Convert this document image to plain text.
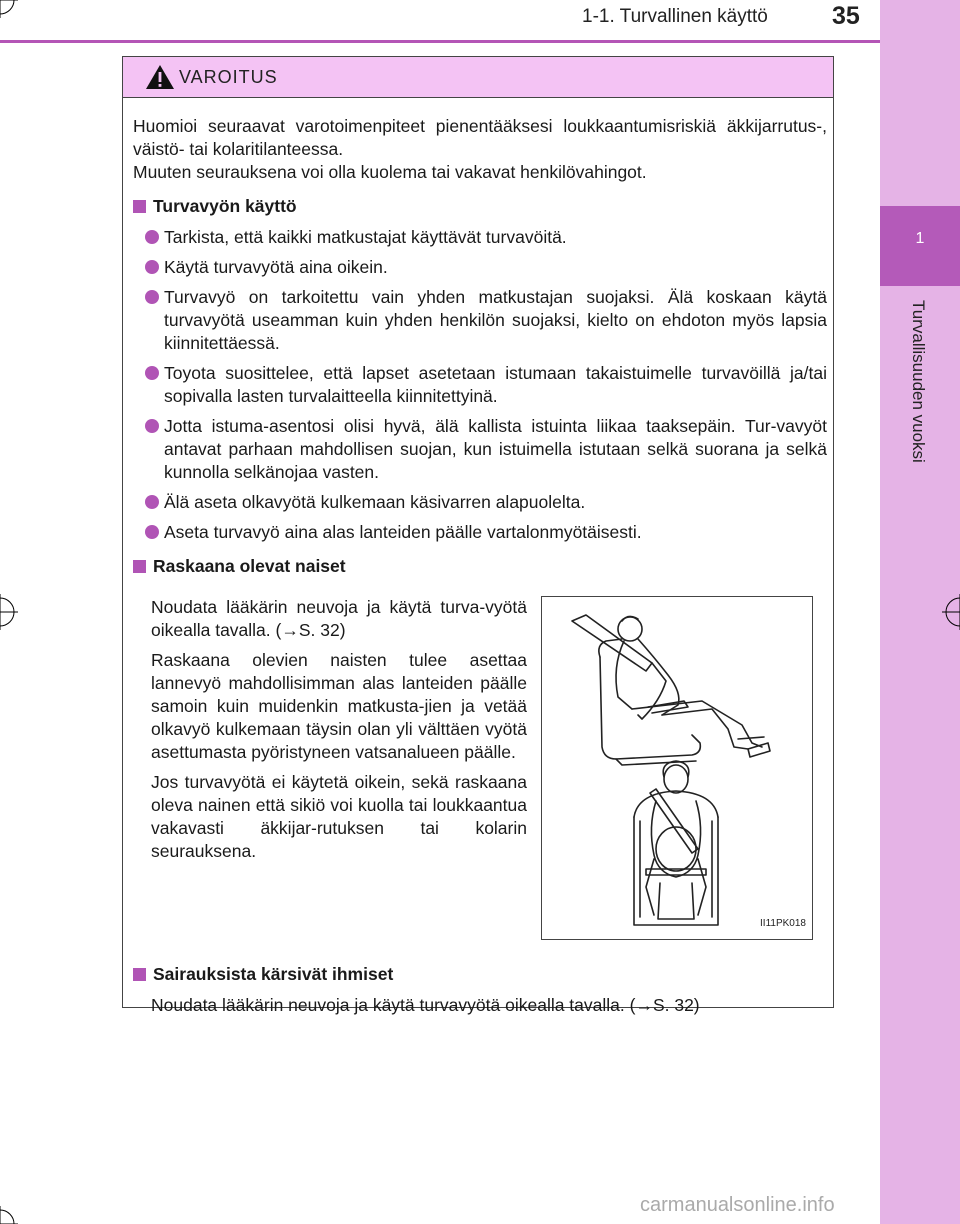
1-1. Turvallinen käyttö	35
1
Turvallisuuden vuoksi
VAROITUS

Huomioi seuraavat varotoimenpiteet pienentääksesi loukkaantumisriskiä äkkijarrutus-, väistö- tai kolaritilanteessa.

Muuten seurauksena voi olla kuolema tai vakavat henkilövahingot.

Turvavyön käyttö
Tarkista, että kaikki matkustajat käyttävät turvavöitä.
Käytä turvavyötä aina oikein.
Turvavyö on tarkoitettu vain yhden matkustajan suojaksi. Älä koskaan käytä turvavyötä useamman kuin yhden henkilön suojaksi, kielto on ehdoton myös lapsia kiinnitettäessä.
Toyota suosittelee, että lapset asetetaan istumaan takaistuimelle turvavöillä ja/tai sopivalla lasten turvalaitteella kiinnitettyinä.
Jotta istuma-asentosi olisi hyvä, älä kallista istuinta liikaa taaksepäin. Tur-vavyöt antavat parhaan mahdollisen suojan, kun istuimella istutaan selkä suorana ja selkä kunnolla selkänojaa vasten.
Älä aseta olkavyötä kulkemaan käsivarren alapuolelta.
Aseta turvavyö aina alas lanteiden päälle vartalonmyötäisesti.
Raskaana olevat naiset

Noudata lääkärin neuvoja ja käytä turva-vyötä oikealla tavalla. (→S. 32)

Raskaana olevien naisten tulee asettaa lannevyö mahdollisimman alas lanteiden päälle samoin kuin muidenkin matkusta-jien ja vetää olkavyö kulkemaan täysin olan yli välttäen vyötä asettumasta pyöristyneen vatsanalueen päälle.

Jos turvavyötä ei käytetä oikein, sekä raskaana oleva nainen että sikiö voi kuolla tai loukkaantua vakavasti äkkijar-rutuksen tai kolarin seurauksena.

II11PK018
Sairauksista kärsivät ihmiset

Noudata lääkärin neuvoja ja käytä turvavyötä oikealla tavalla. (→S. 32)

carmanualsonline.info
